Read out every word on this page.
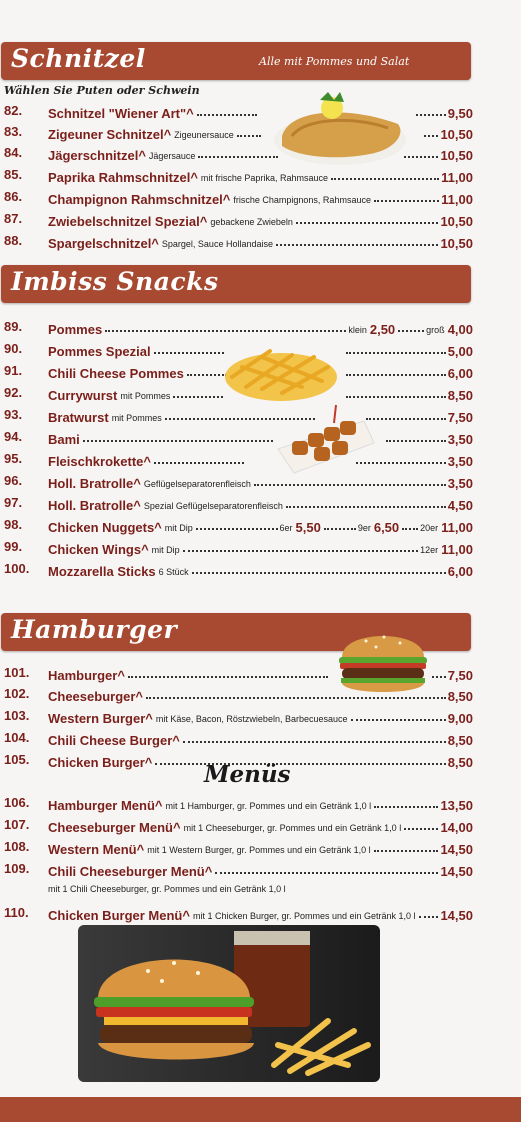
Schnitzel	Alle mit Pommes und Salat
Wählen Sie Puten oder Schwein
82.	Schnitzel "Wiener Art"^	9,50
83.	Zigeuner Schnitzel^ Zigeunersauce	10,50
84.	Jägerschnitzel^ Jägersauce	10,50
85.	Paprika Rahmschnitzel^ mit frische Paprika, Rahmsauce	11,00
86.	Champignon Rahmschnitzel^ frische Champignons, Rahmsauce	11,00
87.	Zwiebelschnitzel Spezial^ gebackene Zwiebeln	10,50
88.	Spargelschnitzel^ Spargel, Sauce Hollandaise	10,50
Imbiss Snacks
89.	Pommes	klein 2,50	groß 4,00
90.	Pommes Spezial	5,00
91.	Chili Cheese Pommes	6,00
92.	Currywurst mit Pommes	8,50
93.	Bratwurst mit Pommes	7,50
94.	Bami	3,50
95.	Fleischkrokette^	3,50
96.	Holl. Bratrolle^ Geflügelseparatorenfleisch	3,50
97.	Holl. Bratrolle^ Spezial Geflügelseparatorenfleisch	4,50
98.	Chicken Nuggets^ mit Dip	6er 5,50	9er 6,50 20er 11,00
99.	Chicken Wings^ mit Dip	12er 11,00
100.	Mozzarella Sticks 6 Stück	6,00
Hamburger
101.	Hamburger^	7,50
102.	Cheeseburger^	8,50
103.	Western Burger^ mit Käse, Bacon, Röstzwiebeln, Barbecuesauce	9,00
104.	Chili Cheese Burger^	8,50
105.	Chicken Burger^	8,50
Menüs
106.	Hamburger Menü^ mit 1 Hamburger, gr. Pommes und ein Getränk 1,0 l	13,50
107.	Cheeseburger Menü^ mit 1 Cheeseburger, gr. Pommes und ein Getränk 1,0 l	14,00
108.	Western Menü^ mit 1 Western Burger, gr. Pommes und ein Getränk 1,0 l	14,50
109.	Chili Cheeseburger Menü^	14,50
mit 1 Chili Cheeseburger, gr. Pommes und ein Getränk 1,0 l
110.	Chicken Burger Menü^ mit 1 Chicken Burger, gr. Pommes und ein Getränk 1,0 l 14,50
